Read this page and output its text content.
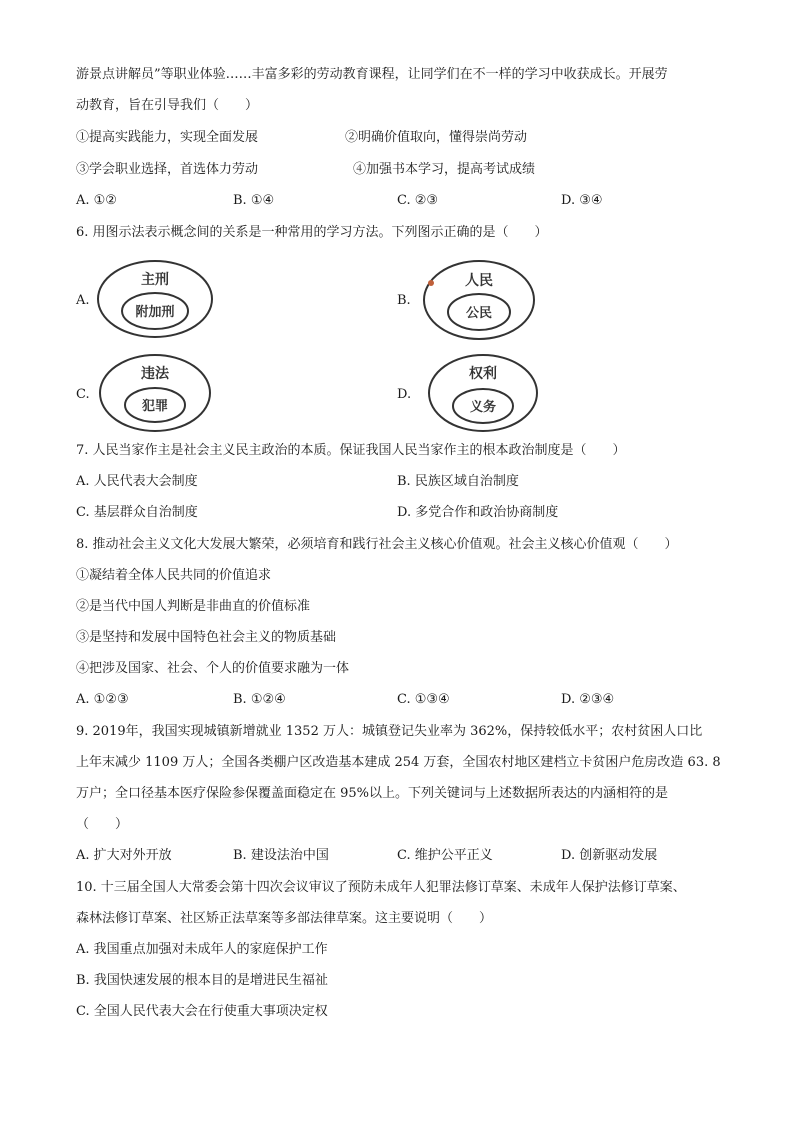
游景点讲解员”等职业体验……丰富多彩的劳动教育课程，让同学们在不一样的学习中收获成长。开展劳
动教育，旨在引导我们（　　）
①提高实践能力，实现全面发展	②明确价值取向，懂得崇尚劳动
③学会职业选择，首选体力劳动	④加强书本学习，提高考试成绩
A. ①②	B. ①④	C. ②③	D. ③④
6. 用图示法表示概念间的关系是一种常用的学习方法。下列图示正确的是（　　）
A.
主刑
附加刑
B.
人民
公民
C.
违法
犯罪
D.
权利
义务
7. 人民当家作主是社会主义民主政治的本质。保证我国人民当家作主的根本政治制度是（　　）
A. 人民代表大会制度	B. 民族区域自治制度
C. 基层群众自治制度	D. 多党合作和政治协商制度
8. 推动社会主义文化大发展大繁荣，必须培育和践行社会主义核心价值观。社会主义核心价值观（　　）
①凝结着全体人民共同的价值追求
②是当代中国人判断是非曲直的价值标准
③是坚持和发展中国特色社会主义的物质基础
④把涉及国家、社会、个人的价值要求融为一体
A. ①②③	B. ①②④	C. ①③④	D. ②③④
9. 2019年，我国实现城镇新增就业 1352 万人：城镇登记失业率为 362%，保持较低水平；农村贫困人口比
上年末减少 1109 万人；全国各类棚户区改造基本建成 254 万套，全国农村地区建档立卡贫困户危房改造 63. 8
万户；全口径基本医疗保险参保覆盖面稳定在 95%以上。下列关键词与上述数据所表达的内涵相符的是
（　　）
A. 扩大对外开放	B. 建设法治中国	C. 维护公平正义	D. 创新驱动发展
10. 十三届全国人大常委会第十四次会议审议了预防未成年人犯罪法修订草案、未成年人保护法修订草案、
森林法修订草案、社区矫正法草案等多部法律草案。这主要说明（　　）
A. 我国重点加强对未成年人的家庭保护工作
B. 我国快速发展的根本目的是增进民生福祉
C. 全国人民代表大会在行使重大事项决定权
